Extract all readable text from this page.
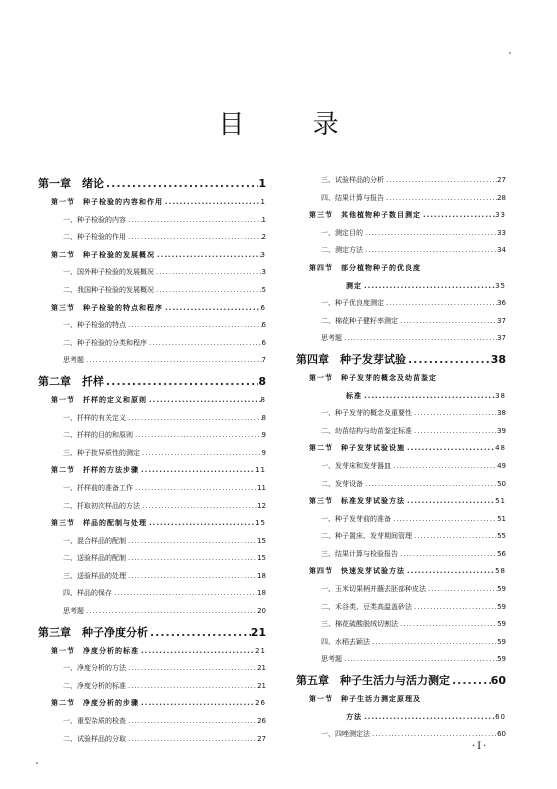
目 录
第一章　绪论 .....	1
第一节　种子检验的内容和作用 .....	1
一、种子检验的内容 .....	1
二、种子检验的作用 .....	2
第二节　种子检验的发展概况 .....	3
一、国外种子检验的发展概况 .....	3
二、我国种子检验的发展概况 .....	5
第三节　种子检验的特点和程序 .....	6
一、种子检验的特点 .....	6
二、种子检验的分类和程序 .....	6
思考题 .....	7
第二章　扦样 .....	8
第一节　扦样的定义和原则 .....	8
一、扦样的有关定义 .....	8
二、扦样的目的和原则 .....	9
三、种子批异质性的测定 .....	9
第二节　扦样的方法步骤 .....	11
一、扦样前的准备工作 .....	11
二、扦取初次样品的方法 .....	12
第三节　样品的配制与处理 .....	15
一、混合样品的配制 .....	15
二、送验样品的配制 .....	15
三、送验样品的处理 .....	18
四、样品的保存 .....	18
思考题 .....	20
第三章　种子净度分析 .....	21
第一节　净度分析的标准 .....	21
一、净度分析的方法 .....	21
二、净度分析的标准 .....	21
第二节　净度分析的步骤 .....	26
一、重型杂质的检查 .....	26
二、试验样品的分取 .....	27
三、试验样品的分析 .....	27
四、结果计算与报告 .....	28
第三节　其他植物种子数目测定 .....	33
一、测定目的 .....	33
二、测定方法 .....	34
第四节　部分植物种子的优良度
测定 .....	35
一、种子优良度测定 .....	36
二、棉花种子健籽率测定 .....	37
思考题 .....	37
第四章　种子发芽试验 .....	38
第一节　种子发芽的概念及幼苗鉴定
标准 .....	38
一、种子发芽的概念及重要性 .....	38
二、幼苗结构与幼苗鉴定标准 .....	39
第二节　种子发芽试验设施 .....	48
一、发芽床和发芽器皿 .....	49
二、发芽设备 .....	50
第三节　标准发芽试验方法 .....	51
一、种子发芽前的准备 .....	51
二、种子置床、发芽期间管理 .....	55
三、结果计算与检验报告 .....	56
第四节　快速发芽试验方法 .....	58
一、玉米切果柄并蘸去胚部种皮法 .....	59
二、禾谷类、豆类高温盖砂法 .....	59
三、棉花硫酸脱绒切割法 .....	59
四、水稻去颖法 .....	59
思考题 .....	59
第五章　种子生活力与活力测定 .....	60
第一节　种子生活力测定原理及
方法 .....	60
一、四唑测定法 .....	60
·Ⅰ·
